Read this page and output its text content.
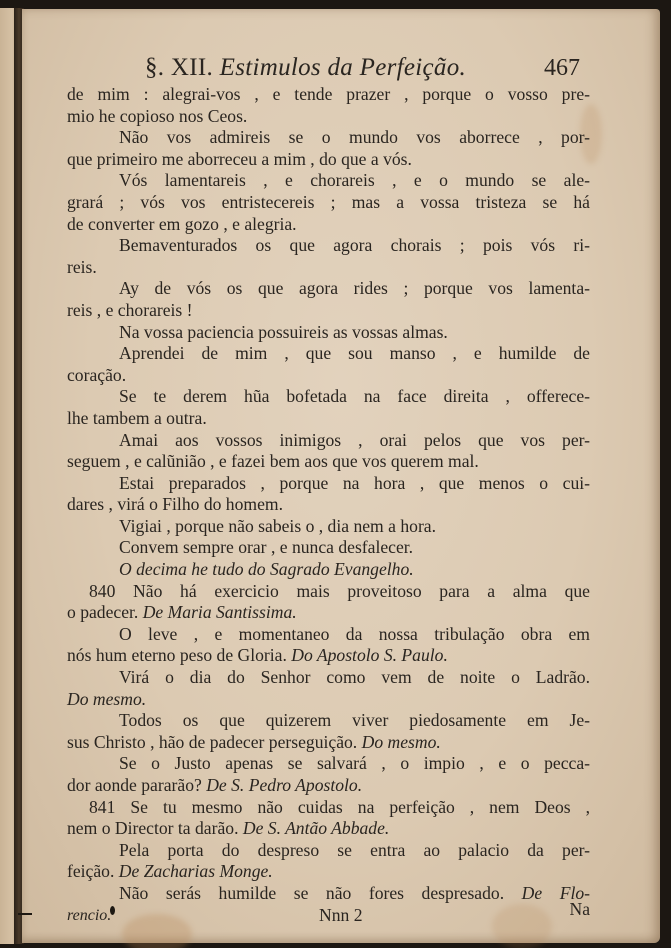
§. XII. Estimulos da Perfeição.	467
de mim : alegrai-vos , e tende prazer , porque o vosso pre-
mio he copioso nos Ceos.
Não vos admireis se o mundo vos aborrece , por-
que primeiro me aborreceu a mim , do que a vós.
Vós lamentareis , e chorareis , e o mundo se ale-
grará ; vós vos entristecereis ; mas a vossa tristeza se há
de converter em gozo , e alegria.
Bemaventurados os que agora chorais ; pois vós ri-
reis.
Ay de vós os que agora rides ; porque vos lamenta-
reis , e chorareis !
Na vossa paciencia possuireis as vossas almas.
Aprendei de mim , que sou manso , e humilde de
coração.
Se te derem hũa bofetada na face direita , offerece-
lhe tambem a outra.
Amai aos vossos inimigos , orai pelos que vos per-
seguem , e calũnião , e fazei bem aos que vos querem mal.
Estai preparados , porque na hora , que menos o cui-
dares , virá o Filho do homem.
Vigiai , porque não sabeis o , dia nem a hora.
Convem sempre orar , e nunca desfalecer.
O decima he tudo do Sagrado Evangelho.
840 Não há exercicio mais proveitoso para a alma que
o padecer. De Maria Santissima.
O leve , e momentaneo da nossa tribulação obra em
nós hum eterno peso de Gloria. Do Apostolo S. Paulo.
Virá o dia do Senhor como vem de noite o Ladrão.
Do mesmo.
Todos os que quizerem viver piedosamente em Je-
sus Christo , hão de padecer perseguição. Do mesmo.
Se o Justo apenas se salvará , o impio , e o pecca-
dor aonde pararão? De S. Pedro Apostolo.
841 Se tu mesmo não cuidas na perfeição , nem Deos ,
nem o Director ta darão. De S. Antão Abbade.
Pela porta do despreso se entra ao palacio da per-
feição. De Zacharias Monge.
Não serás humilde se não fores despresado. De Flo-
rencio.	Nnn 2	Na
